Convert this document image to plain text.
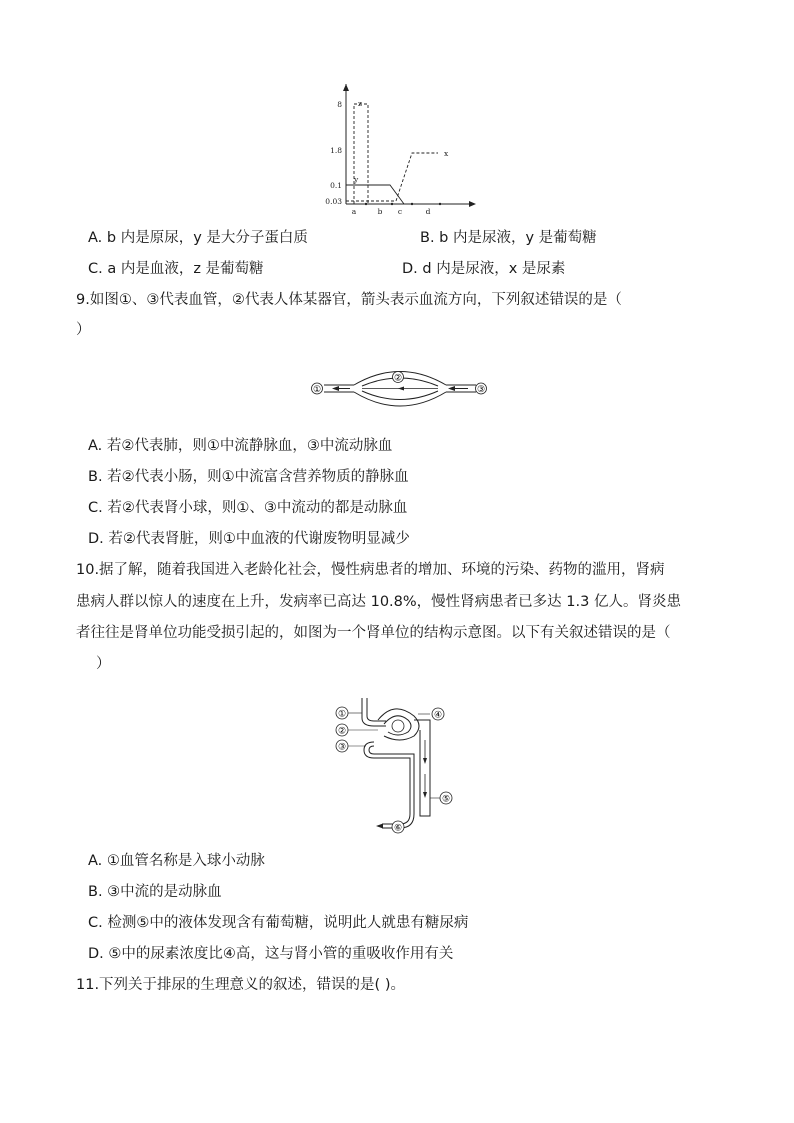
8
1.8
0.1
0.03
a	b c	d
z
y
x
A. b 内是原尿，y 是大分子蛋白质	B. b 内是尿液，y 是葡萄糖
C. a 内是血液，z 是葡萄糖	D. d 内是尿液，x 是尿素
9.如图①、③代表血管，②代表人体某器官，箭头表示血流方向，下列叙述错误的是（
）
①
②
③
A. 若②代表肺，则①中流静脉血，③中流动脉血
B. 若②代表小肠，则①中流富含营养物质的静脉血
C. 若②代表肾小球，则①、③中流动的都是动脉血
D. 若②代表肾脏，则①中血液的代谢废物明显减少
10.据了解，随着我国进入老龄化社会，慢性病患者的增加、环境的污染、药物的滥用，肾病
患病人群以惊人的速度在上升，发病率已高达 10.8%，慢性肾病患者已多达 1.3 亿人。肾炎患
者往往是肾单位功能受损引起的，如图为一个肾单位的结构示意图。以下有关叙述错误的是（
）
①
②
③
④
⑤
⑥
A. ①血管名称是入球小动脉
B. ③中流的是动脉血
C. 检测⑤中的液体发现含有葡萄糖，说明此人就患有糖尿病
D. ⑤中的尿素浓度比④高，这与肾小管的重吸收作用有关
11.下列关于排尿的生理意义的叙述，错误的是( )。
